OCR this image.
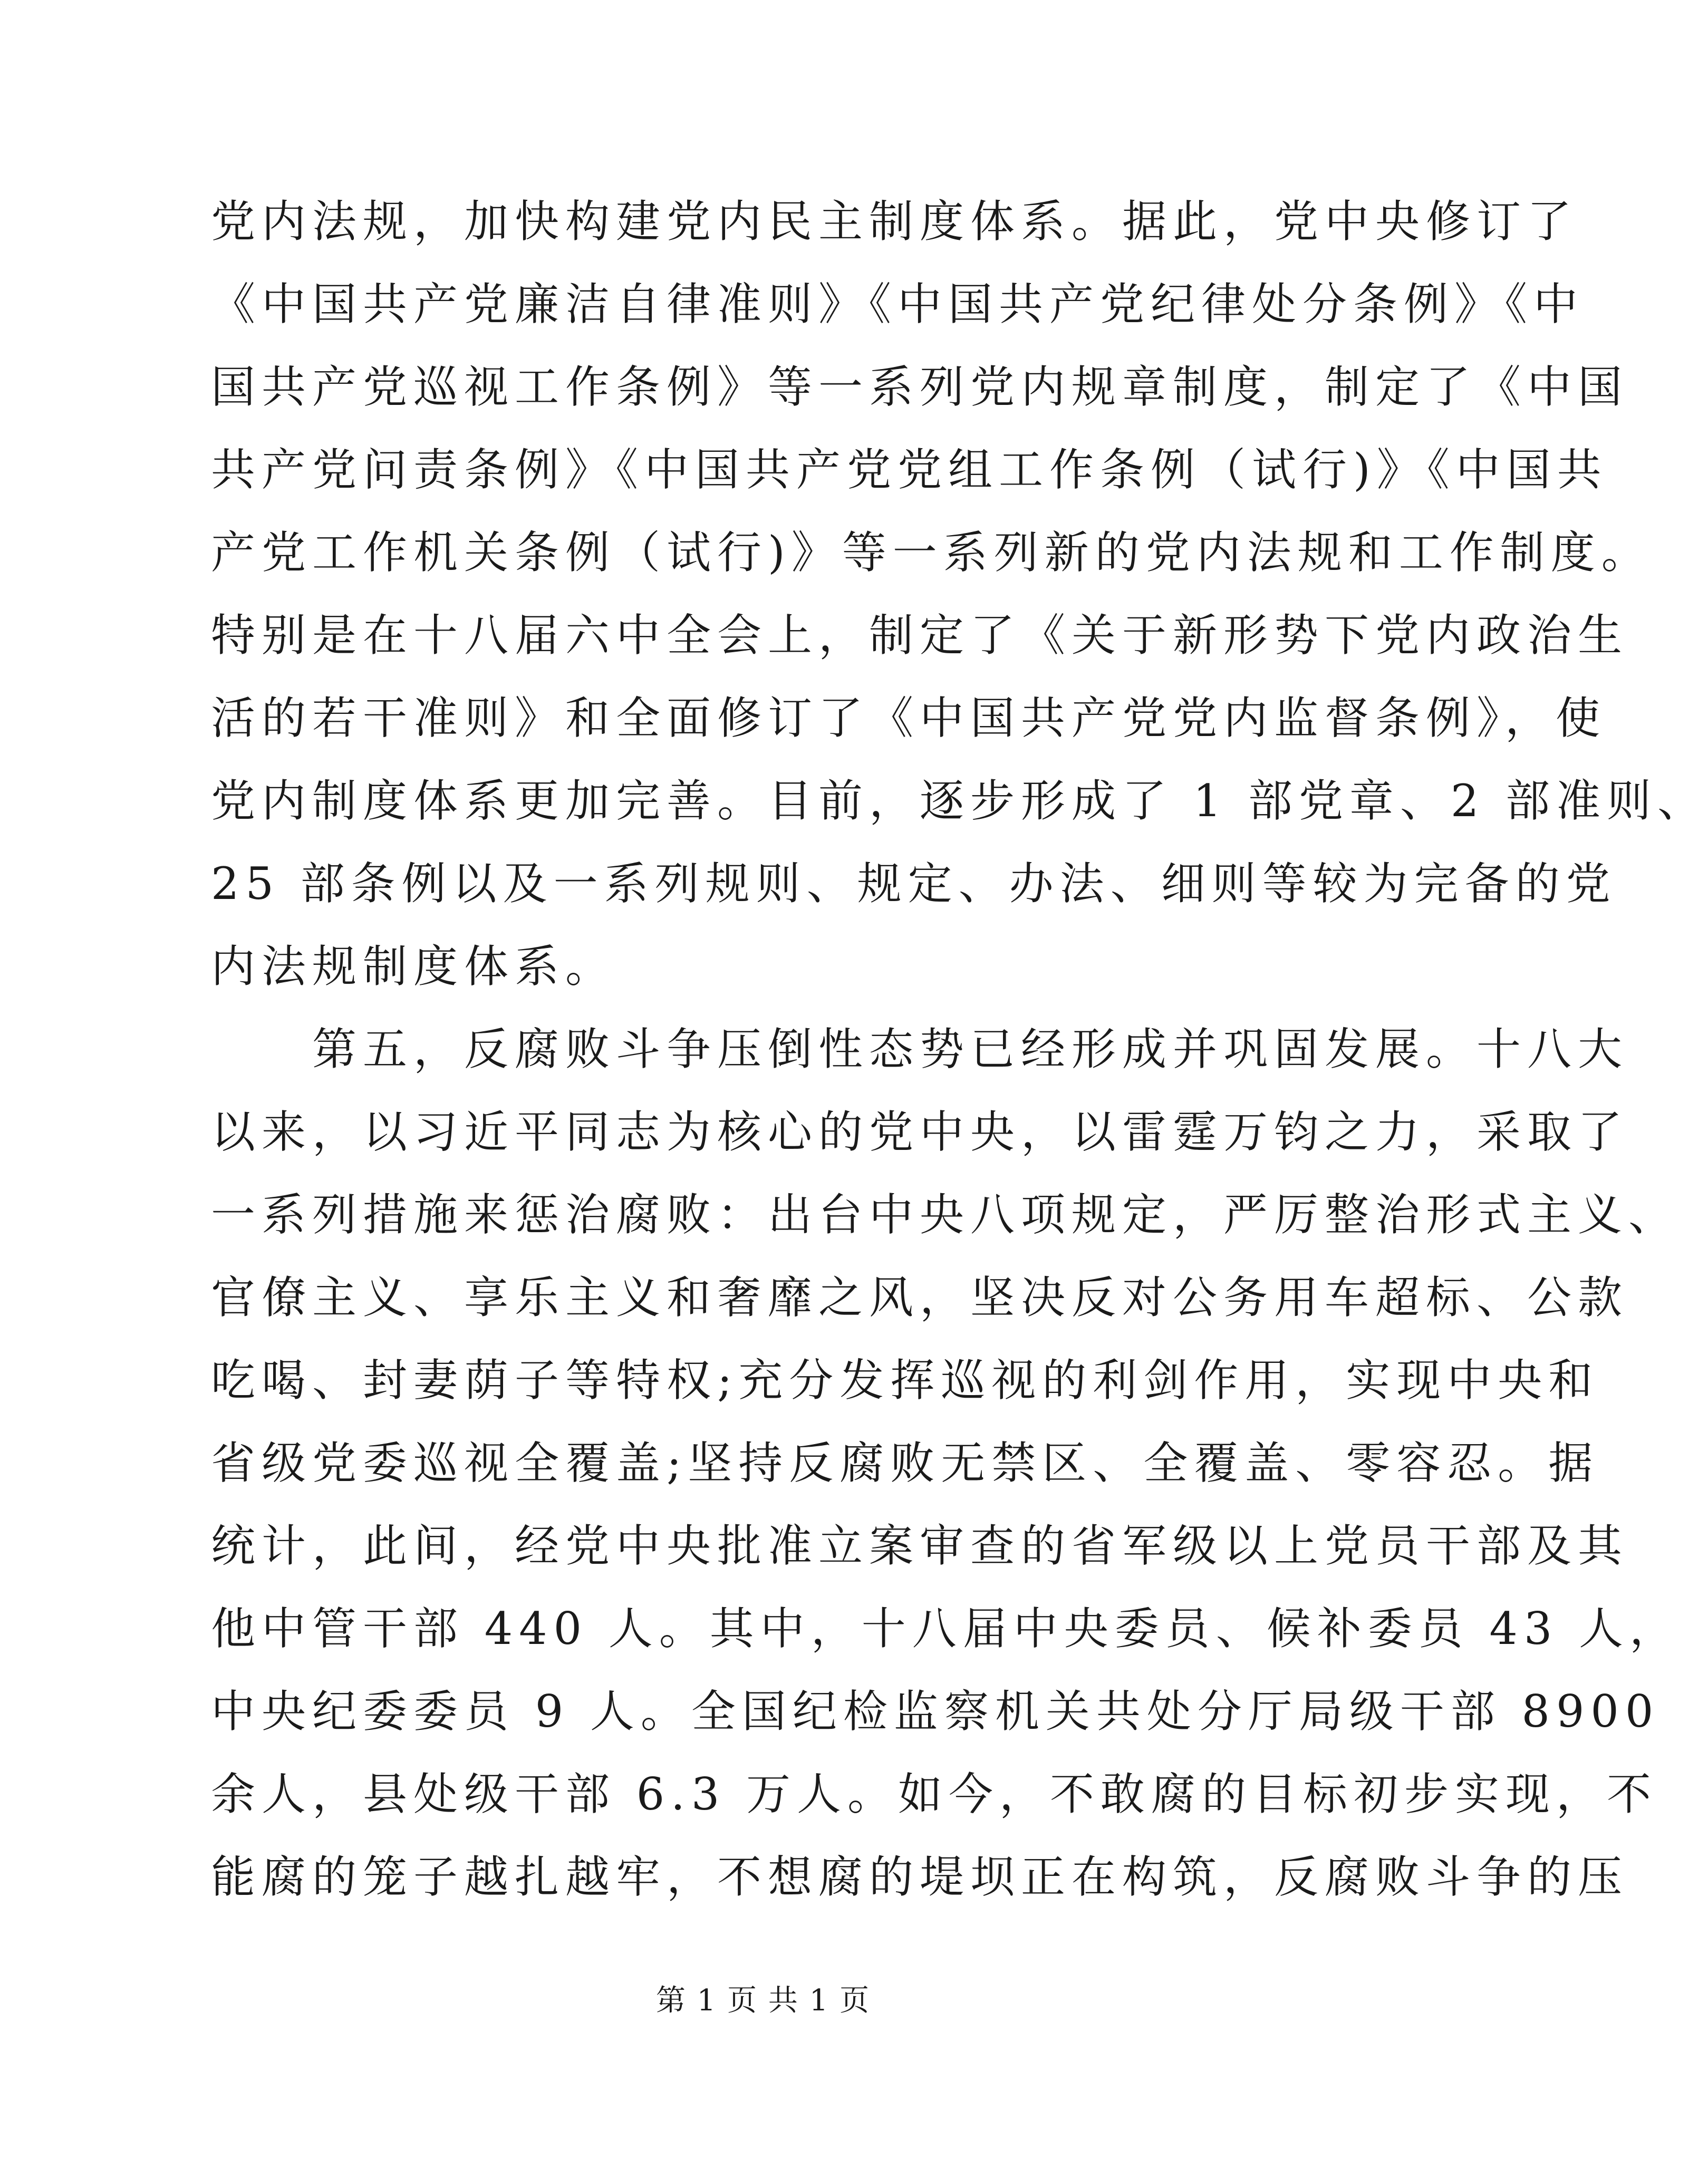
党内法规，加快构建党内民主制度体系。据此，党中央修订了
《中国共产党廉洁自律准则》《中国共产党纪律处分条例》《中
国共产党巡视工作条例》等一系列党内规章制度，制定了《中国
共产党问责条例》《中国共产党党组工作条例（试行)》《中国共
产党工作机关条例（试行)》等一系列新的党内法规和工作制度。
特别是在十八届六中全会上，制定了《关于新形势下党内政治生
活的若干准则》和全面修订了《中国共产党党内监督条例》，使
党内制度体系更加完善。目前，逐步形成了 1 部党章、2 部准则、
25 部条例以及一系列规则、规定、办法、细则等较为完备的党
内法规制度体系。
　　第五，反腐败斗争压倒性态势已经形成并巩固发展。十八大
以来，以习近平同志为核心的党中央，以雷霆万钧之力，采取了
一系列措施来惩治腐败：出台中央八项规定，严厉整治形式主义、
官僚主义、享乐主义和奢靡之风，坚决反对公务用车超标、公款
吃喝、封妻荫子等特权;充分发挥巡视的利剑作用，实现中央和
省级党委巡视全覆盖;坚持反腐败无禁区、全覆盖、零容忍。据
统计，此间，经党中央批准立案审查的省军级以上党员干部及其
他中管干部 440 人。其中，十八届中央委员、候补委员 43 人，
中央纪委委员 9 人。全国纪检监察机关共处分厅局级干部 8900
余人，县处级干部 6.3 万人。如今，不敢腐的目标初步实现，不
能腐的笼子越扎越牢，不想腐的堤坝正在构筑，反腐败斗争的压
第 1 页 共 1 页
